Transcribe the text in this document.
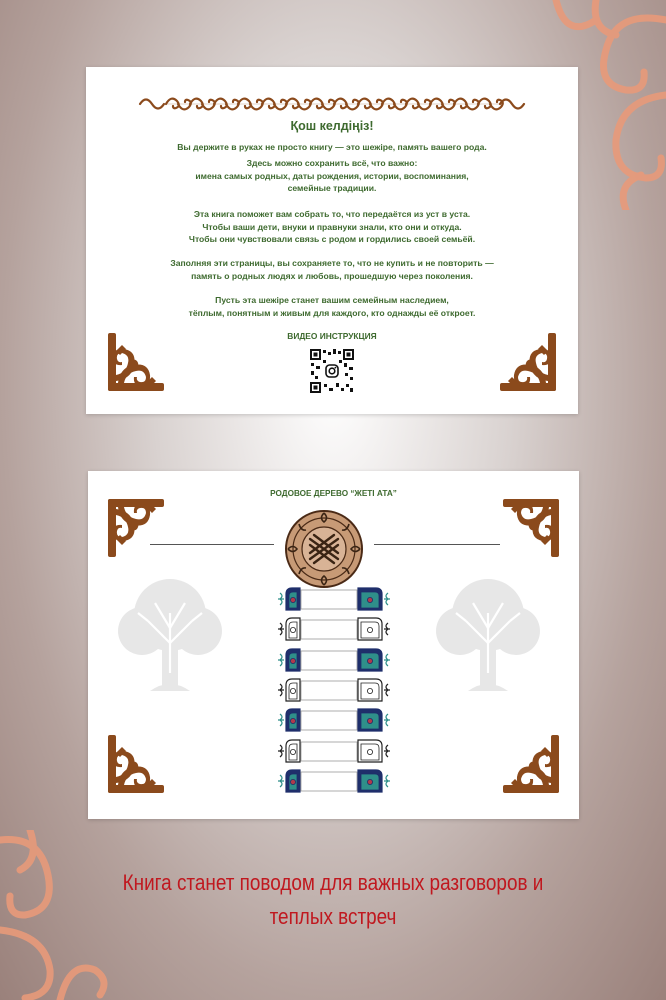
Қош келдіңіз!
Вы держите в руках не просто книгу — это шежіре, память вашего рода.
Здесь можно сохранить всё, что важно:
имена самых родных, даты рождения, истории, воспоминания,
семейные традиции.
Эта книга поможет вам собрать то, что передаётся из уст в уста.
Чтобы ваши дети, внуки и правнуки знали, кто они и откуда.
Чтобы они чувствовали связь с родом и гордились своей семьёй.
Заполняя эти страницы, вы сохраняете то, что не купить и не повторить —
память о родных людях и любовь, прошедшую через поколения.
Пусть эта шежіре станет вашим семейным наследием,
тёплым, понятным и живым для каждого, кто однажды её откроет.
ВИДЕО ИНСТРУКЦИЯ
РОДОВОЕ ДЕРЕВО “ЖЕТІ АТА”
Книга станет поводом для важных разговоров и
теплых встреч
